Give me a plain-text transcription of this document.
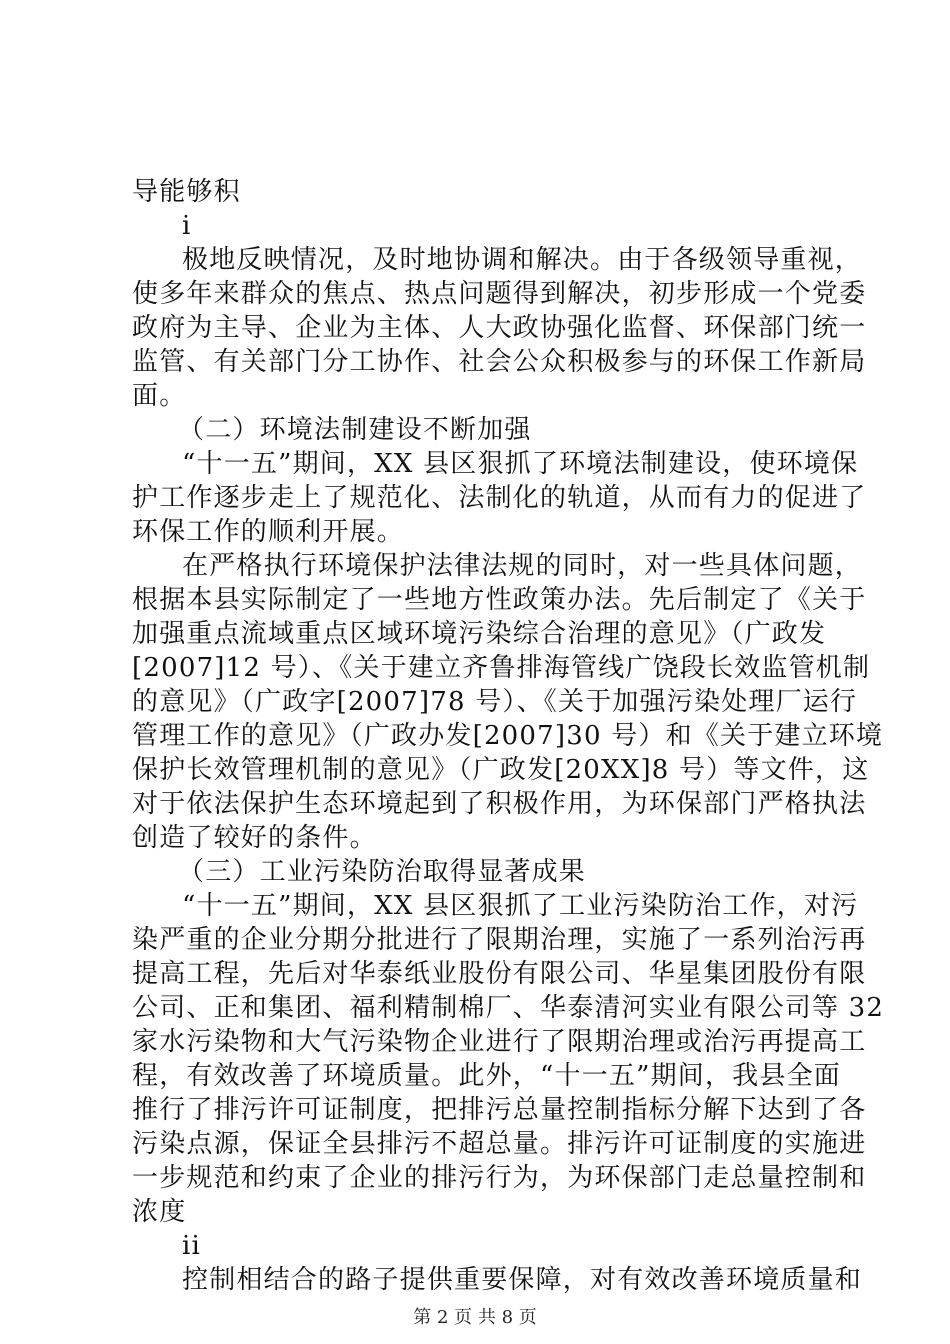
导能够积
i
极地反映情况，及时地协调和解决。由于各级领导重视，
使多年来群众的焦点、热点问题得到解决，初步形成一个党委
政府为主导、企业为主体、人大政协强化监督、环保部门统一
监管、有关部门分工协作、社会公众积极参与的环保工作新局
面。
（二）环境法制建设不断加强
“十一五”期间，XX 县区狠抓了环境法制建设，使环境保
护工作逐步走上了规范化、法制化的轨道，从而有力的促进了
环保工作的顺利开展。
在严格执行环境保护法律法规的同时，对一些具体问题，
根据本县实际制定了一些地方性政策办法。先后制定了《关于
加强重点流域重点区域环境污染综合治理的意见》（广政发
[2007]12 号）、《关于建立齐鲁排海管线广饶段长效监管机制
的意见》（广政字[2007]78 号）、《关于加强污染处理厂运行
管理工作的意见》（广政办发[2007]30 号）和《关于建立环境
保护长效管理机制的意见》（广政发[20XX]8 号）等文件，这
对于依法保护生态环境起到了积极作用，为环保部门严格执法
创造了较好的条件。
（三）工业污染防治取得显著成果
“十一五”期间，XX 县区狠抓了工业污染防治工作，对污
染严重的企业分期分批进行了限期治理，实施了一系列治污再
提高工程，先后对华泰纸业股份有限公司、华星集团股份有限
公司、正和集团、福利精制棉厂、华泰清河实业有限公司等 32
家水污染物和大气污染物企业进行了限期治理或治污再提高工
程，有效改善了环境质量。此外，“十一五”期间，我县全面
推行了排污许可证制度，把排污总量控制指标分解下达到了各
污染点源，保证全县排污不超总量。排污许可证制度的实施进
一步规范和约束了企业的排污行为，为环保部门走总量控制和
浓度
ii
控制相结合的路子提供重要保障，对有效改善环境质量和
第 2 页 共 8 页
